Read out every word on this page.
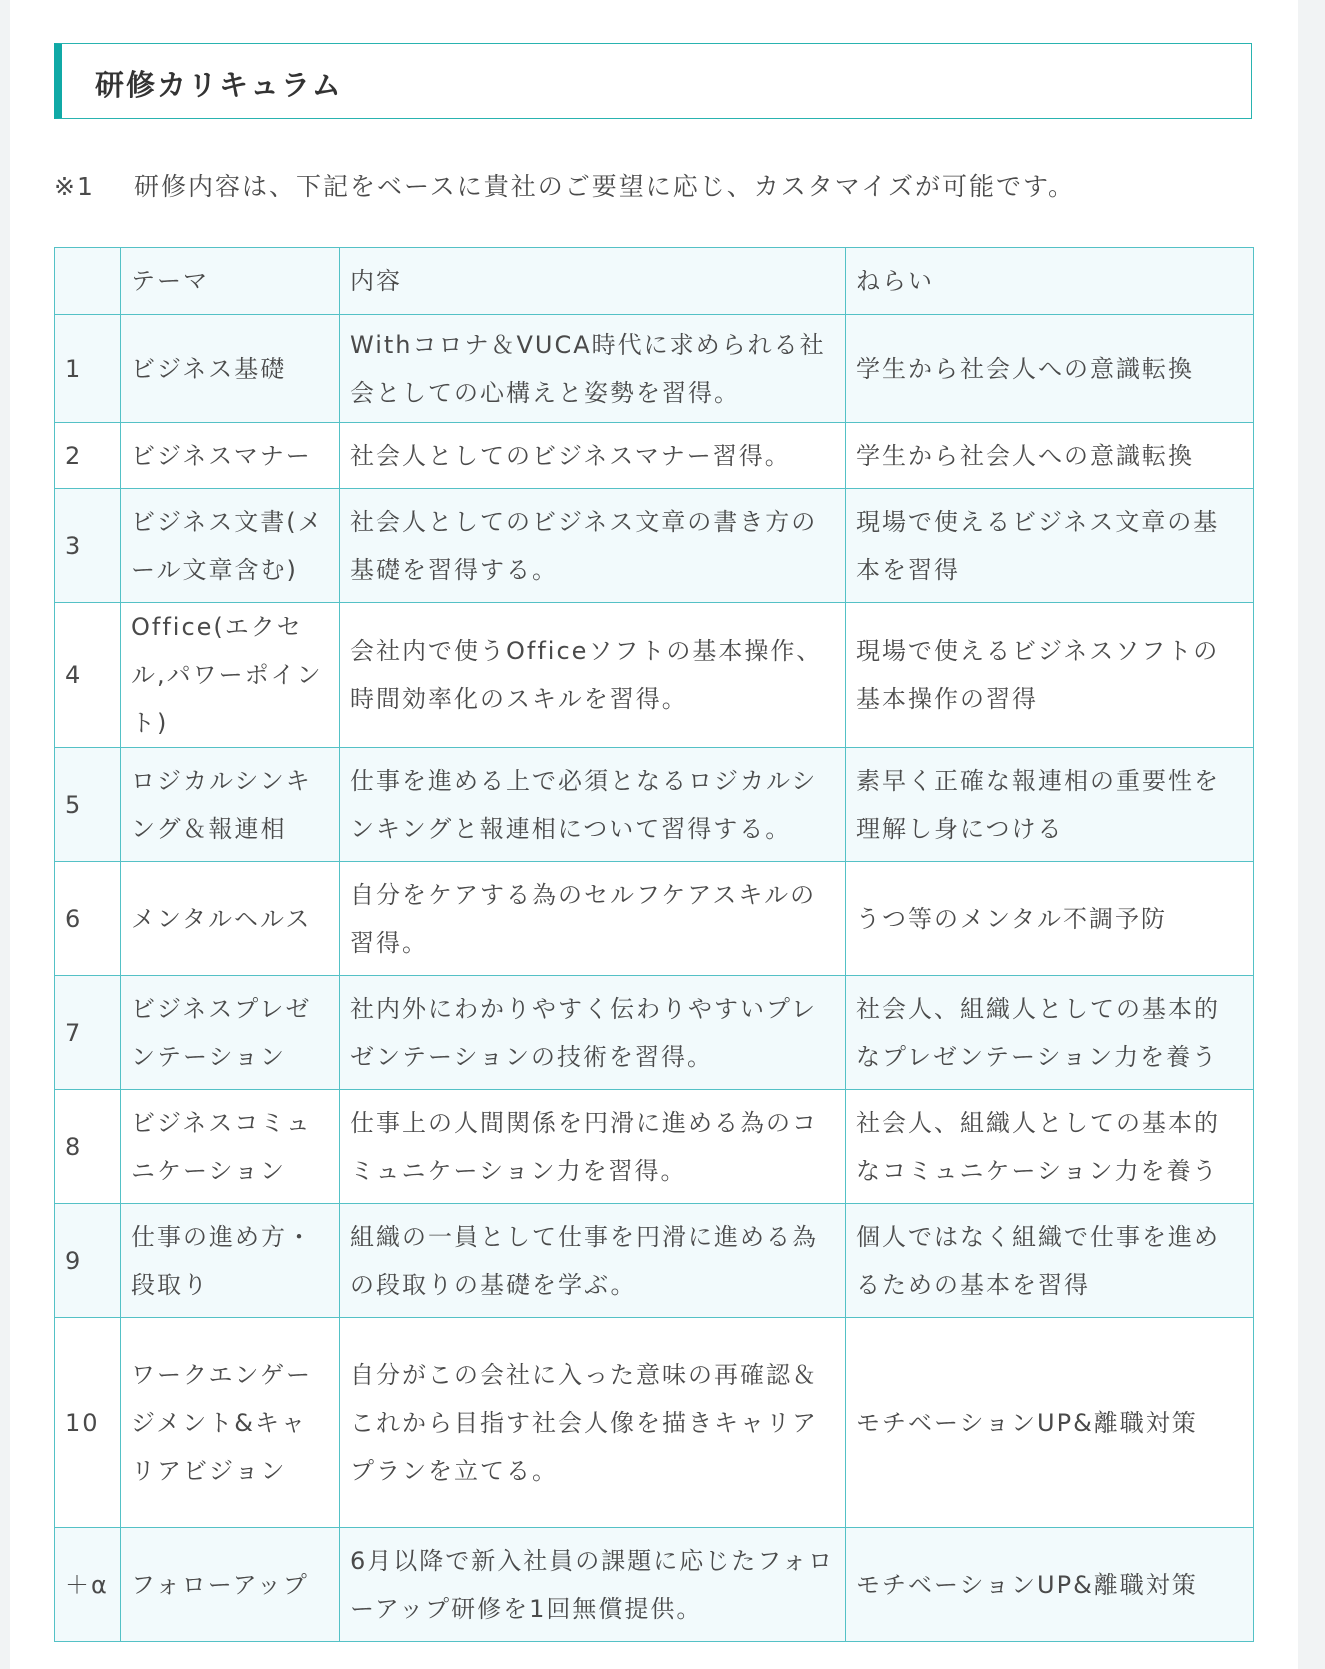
研修カリキュラム
※1 研修内容は、下記をベースに貴社のご要望に応じ、カスタマイズが可能です。
	テーマ	内容	ねらい
1	ビジネス基礎	Withコロナ＆VUCA時代に求められる社会としての心構えと姿勢を習得。	学生から社会人への意識転換
2	ビジネスマナー	社会人としてのビジネスマナー習得。	学生から社会人への意識転換
3	ビジネス文書(メール文章含む)	社会人としてのビジネス文章の書き方の基礎を習得する。	現場で使えるビジネス文章の基本を習得
4	Office(エクセル,パワーポイント)	会社内で使うOfficeソフトの基本操作、時間効率化のスキルを習得。	現場で使えるビジネスソフトの基本操作の習得
5	ロジカルシンキング＆報連相	仕事を進める上で必須となるロジカルシンキングと報連相について習得する。	素早く正確な報連相の重要性を理解し身につける
6	メンタルヘルス	自分をケアする為のセルフケアスキルの習得。	うつ等のメンタル不調予防
7	ビジネスプレゼンテーション	社内外にわかりやすく伝わりやすいプレゼンテーションの技術を習得。	社会人、組織人としての基本的なプレゼンテーション力を養う
8	ビジネスコミュニケーション	仕事上の人間関係を円滑に進める為のコミュニケーション力を習得。	社会人、組織人としての基本的なコミュニケーション力を養う
9	仕事の進め方・段取り	組織の一員として仕事を円滑に進める為の段取りの基礎を学ぶ。	個人ではなく組織で仕事を進めるための基本を習得
10	ワークエンゲージメント&キャリアビジョン	自分がこの会社に入った意味の再確認＆これから目指す社会人像を描きキャリアプランを立てる。	モチベーションUP&離職対策
＋α	フォローアップ	6月以降で新入社員の課題に応じたフォローアップ研修を1回無償提供。	モチベーションUP&離職対策
